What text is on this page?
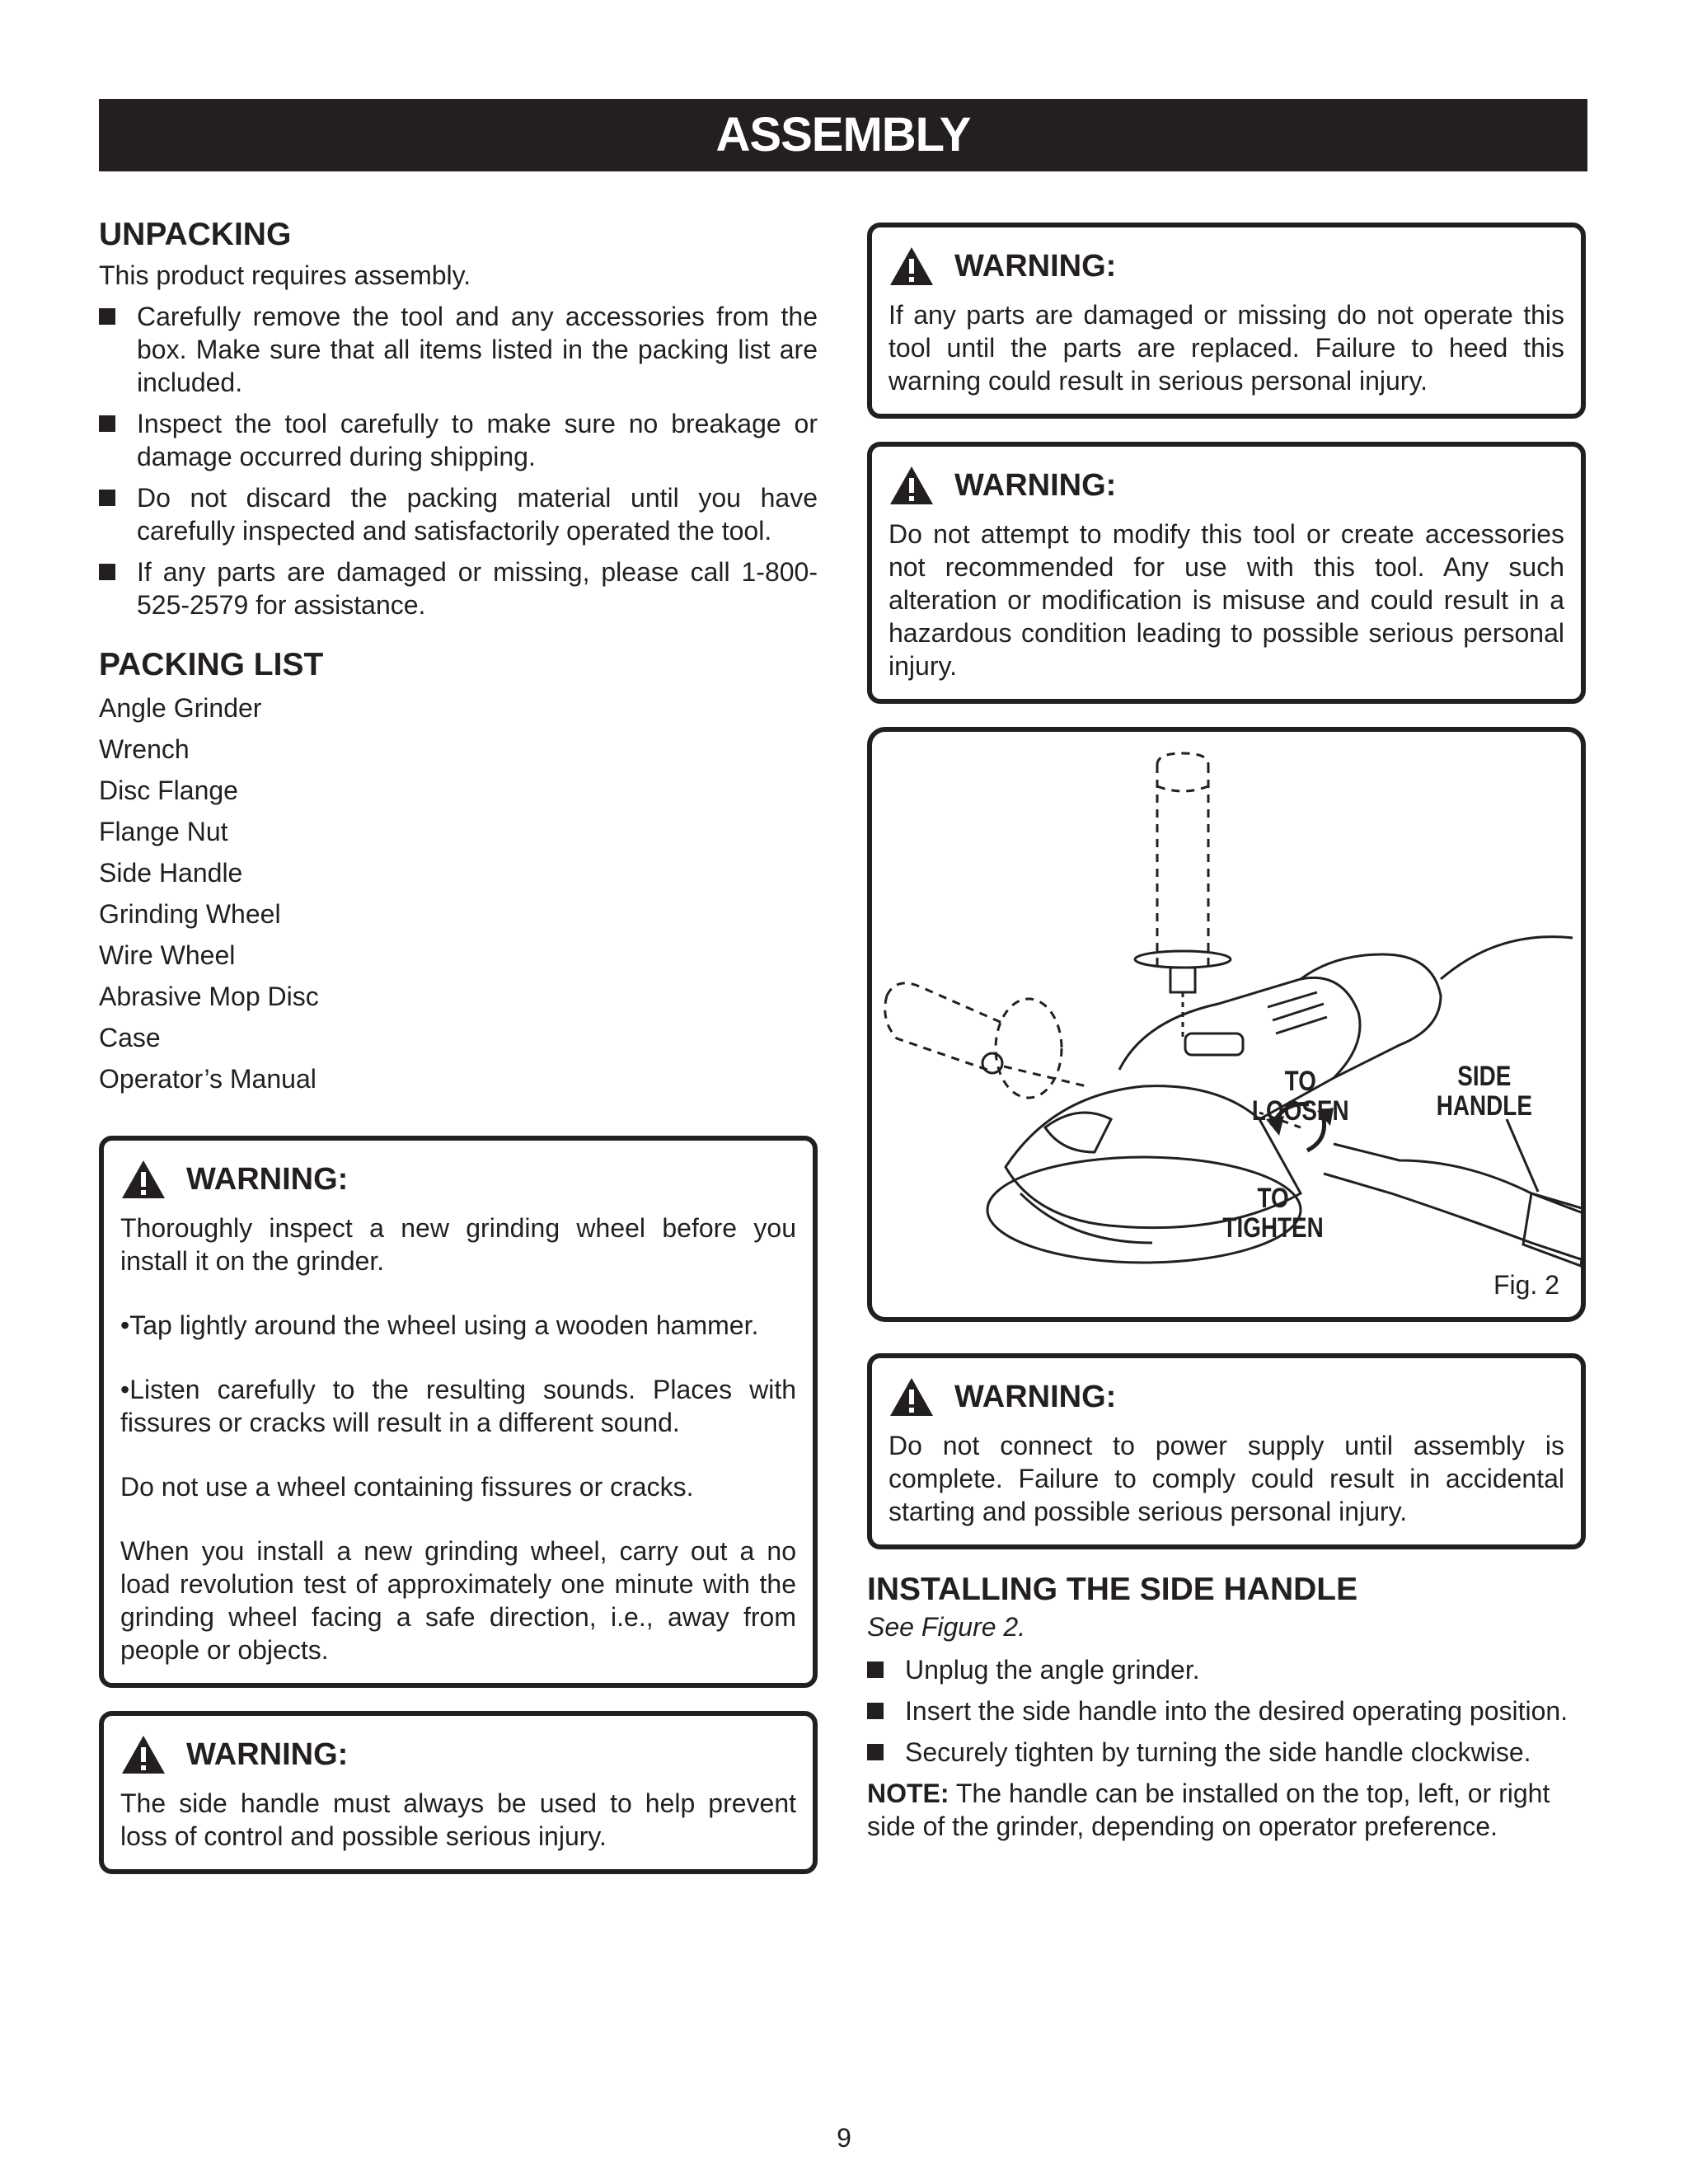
ASSEMBLY
UNPACKING
This product requires assembly.
Carefully remove the tool and any accessories from the box. Make sure that all items listed in the packing list are included.
Inspect the tool carefully to make sure no breakage or damage occurred during shipping.
Do not discard the packing material until you have carefully inspected and satisfactorily operated the tool.
If any parts are damaged or missing, please call 1-800-525-2579 for assistance.
PACKING LIST
Angle Grinder
Wrench
Disc Flange
Flange Nut
Side Handle
Grinding Wheel
Wire Wheel
Abrasive Mop Disc
Case
Operator’s Manual
WARNING:

Thoroughly inspect a new grinding wheel before you install it on the grinder.

•Tap lightly around the wheel using a wooden hammer.

•Listen carefully to the resulting sounds. Places with fissures or cracks will result in a different sound.

Do not use a wheel containing fissures or cracks.

When you install a new grinding wheel, carry out a no load revolution test of approximately one minute with the grinding wheel facing a safe direction, i.e., away from people or objects.

WARNING:

The side handle must always be used to help prevent loss of control and possible serious injury.

WARNING:

If any parts are damaged or missing do not operate this tool until the parts are replaced. Failure to heed this warning could result in serious personal injury.

WARNING:

Do not attempt to modify this tool or create accessories not recommended for use with this tool. Any such alteration or modification is misuse and could result in a hazardous condition leading to possible serious personal injury.

TO
LOOSEN
TO
TIGHTEN
SIDE
HANDLE
Fig. 2
WARNING:

Do not connect to power supply until assembly is complete. Failure to comply could result in accidental starting and possible serious personal injury.

INSTALLING THE SIDE HANDLE
See Figure 2.
Unplug the angle grinder.
Insert the side handle into the desired operating position.
Securely tighten by turning the side handle clockwise.
NOTE: The handle can be installed on the top, left, or right side of the grinder, depending on operator preference.
9
